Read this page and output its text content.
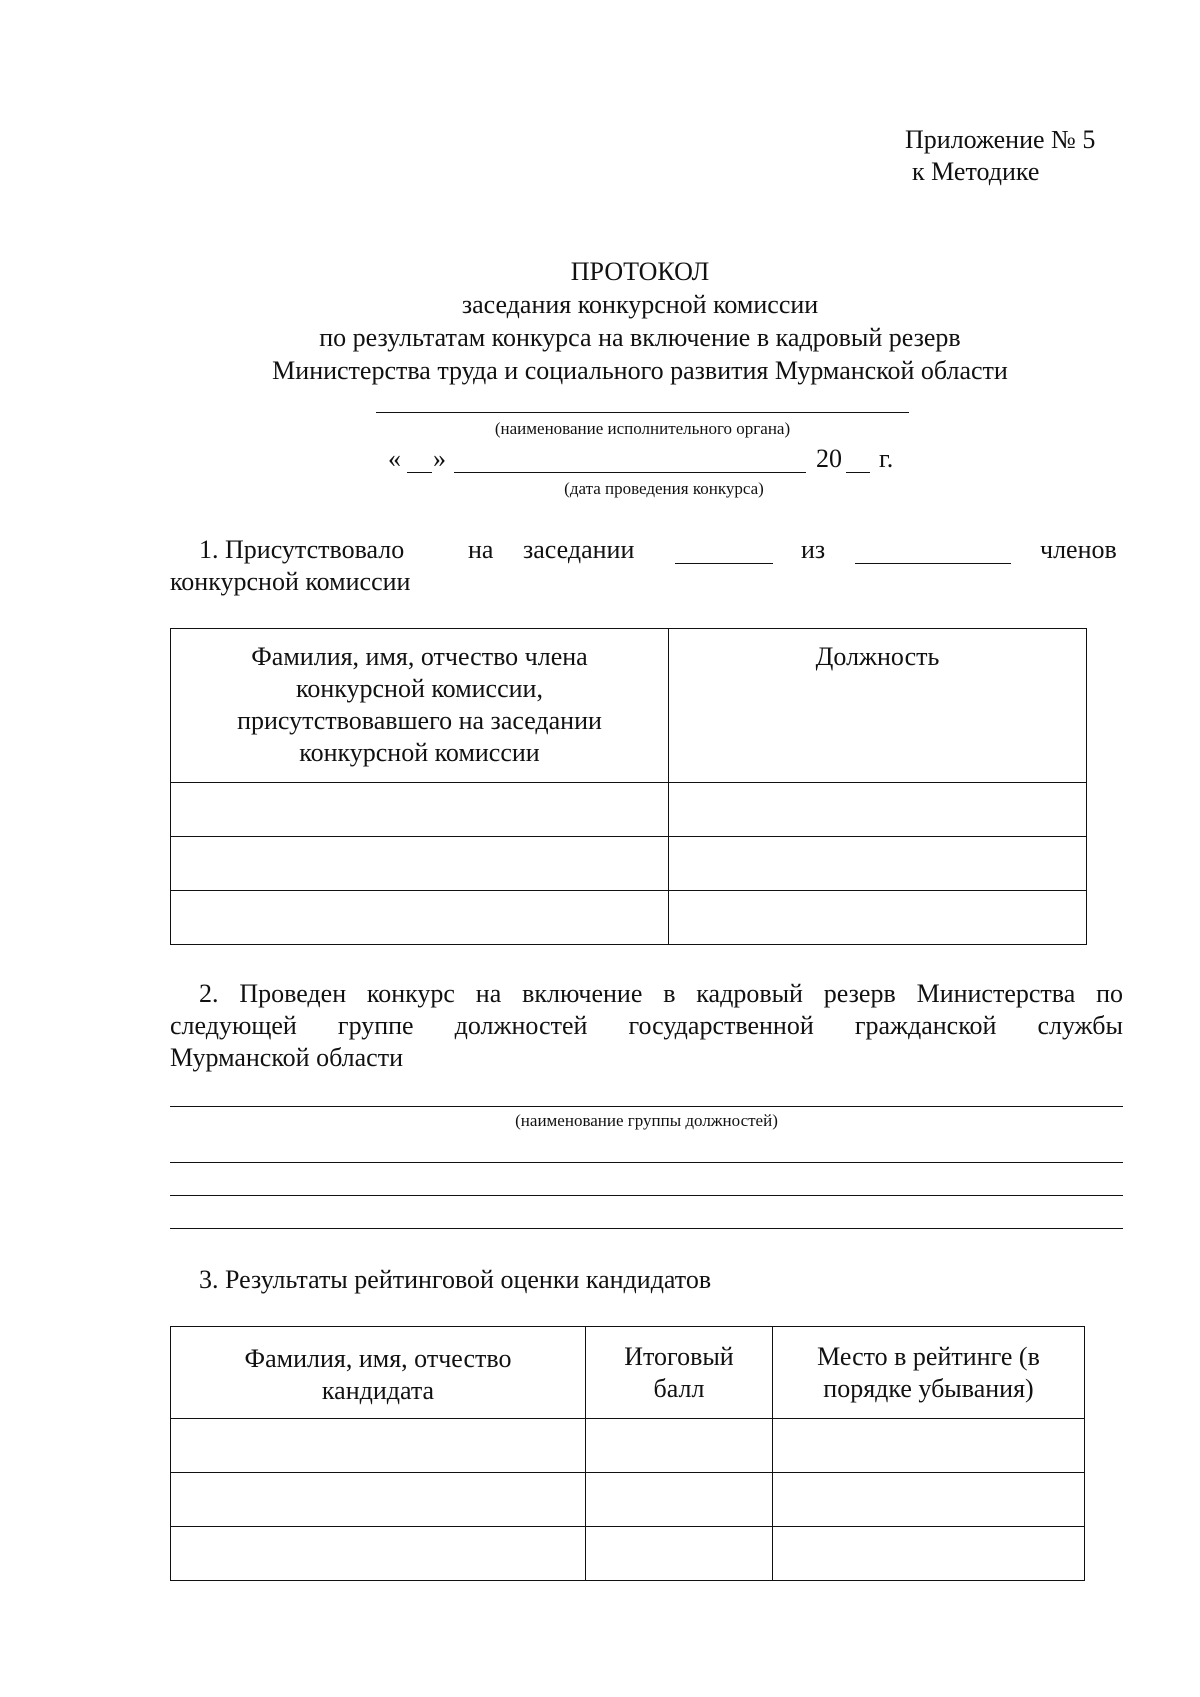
Приложение № 5
к Методике
ПРОТОКОЛ
заседания конкурсной комиссии
по результатам конкурса на включение в кадровый резерв
Министерства труда и социального развития Мурманской области
(наименование исполнительного органа)
« »	20 г.
(дата проведения конкурса)
1. Присутствовало на заседании	из	членов
конкурсной комиссии
Фамилия, имя, отчество члена конкурсной комиссии, присутствовавшего на заседании конкурсной комиссии	Должность

2. Проведен конкурс на включение в кадровый резерв Министерства по
следующей группе должностей государственной гражданской службы
Мурманской области
(наименование группы должностей)
3. Результаты рейтинговой оценки кандидатов
Фамилия, имя, отчество кандидата	Итоговый балл	Место в рейтинге (в порядке убывания)
